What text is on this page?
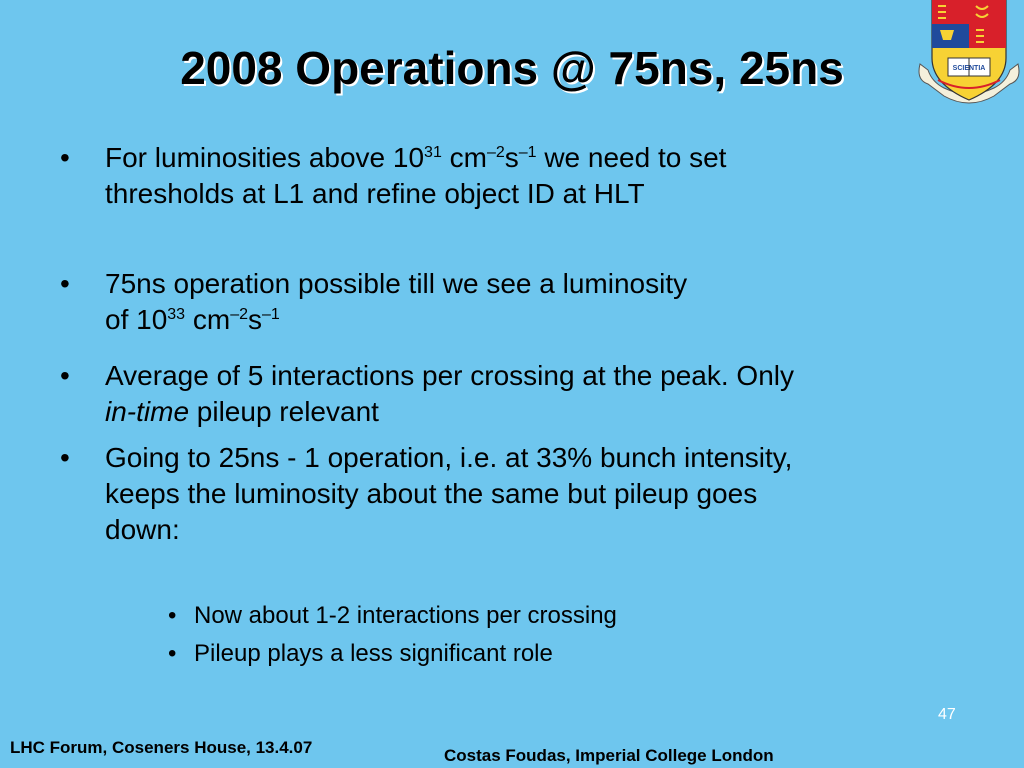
2008 Operations @ 75ns, 25ns	SCIENTIA
•	For luminosities above $10^{31}$ $cm^{-2}s^{-1}$ we need to set
thresholds at L1 and refine object ID at HLT
•	75ns operation possible till we see a luminosity
of $10^{33}$ $cm^{-2}s^{-1}$
•	Average of 5 interactions per crossing at the peak. Only
in-time pileup relevant
•	Going to 25ns - 1 operation, i.e. at 33% bunch intensity,
keeps the luminosity about the same but pileup goes
down:
• Now about 1-2 interactions per crossing
• Pileup plays a less significant role
47
LHC Forum, Coseners House, 13.4.07	Costas Foudas, Imperial College London
